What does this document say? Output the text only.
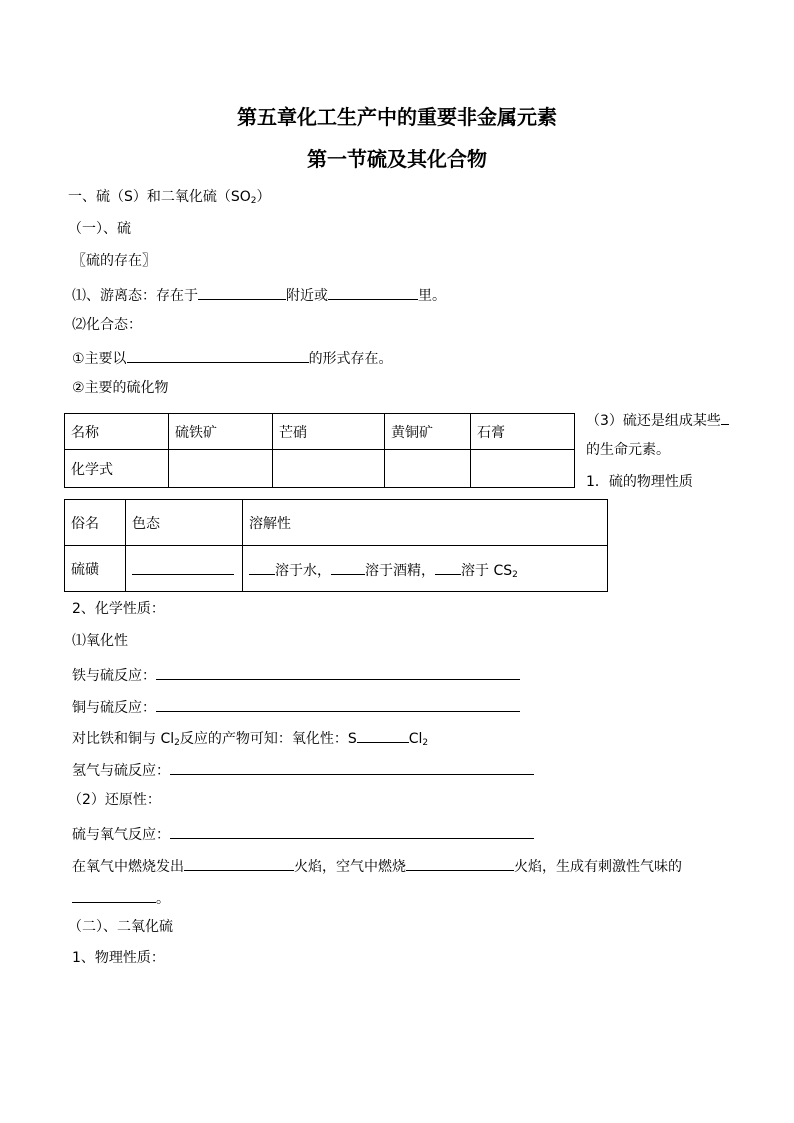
第五章化工生产中的重要非金属元素
第一节硫及其化合物
一、硫（S）和二氧化硫$(SO_2)$
（一）、硫
〖硫的存在〗
⑴、游离态：存在于	附近或	里。
⑵化合态：
①主要以	的形式存在。
②主要的硫化物
名称	硫铁矿	芒硝	黄铜矿	石膏
化学式				
（3）硫还是组成某些
的生命元素。
1．硫的物理性质
俗名	色态	溶解性
硫磺		溶于水， 溶于酒精， 溶于 $CS_2$
2、化学性质：
⑴氧化性
铁与硫反应：
铜与硫反应：
对比铁和铜与 $Cl_2$反应的产物可知：氧化性：S	$Cl_2$
氢气与硫反应：
（2）还原性：
硫与氧气反应：
在氧气中燃烧发出	火焰，空气中燃烧	火焰，生成有刺激性气味的
。
（二）、二氧化硫
1、物理性质：
